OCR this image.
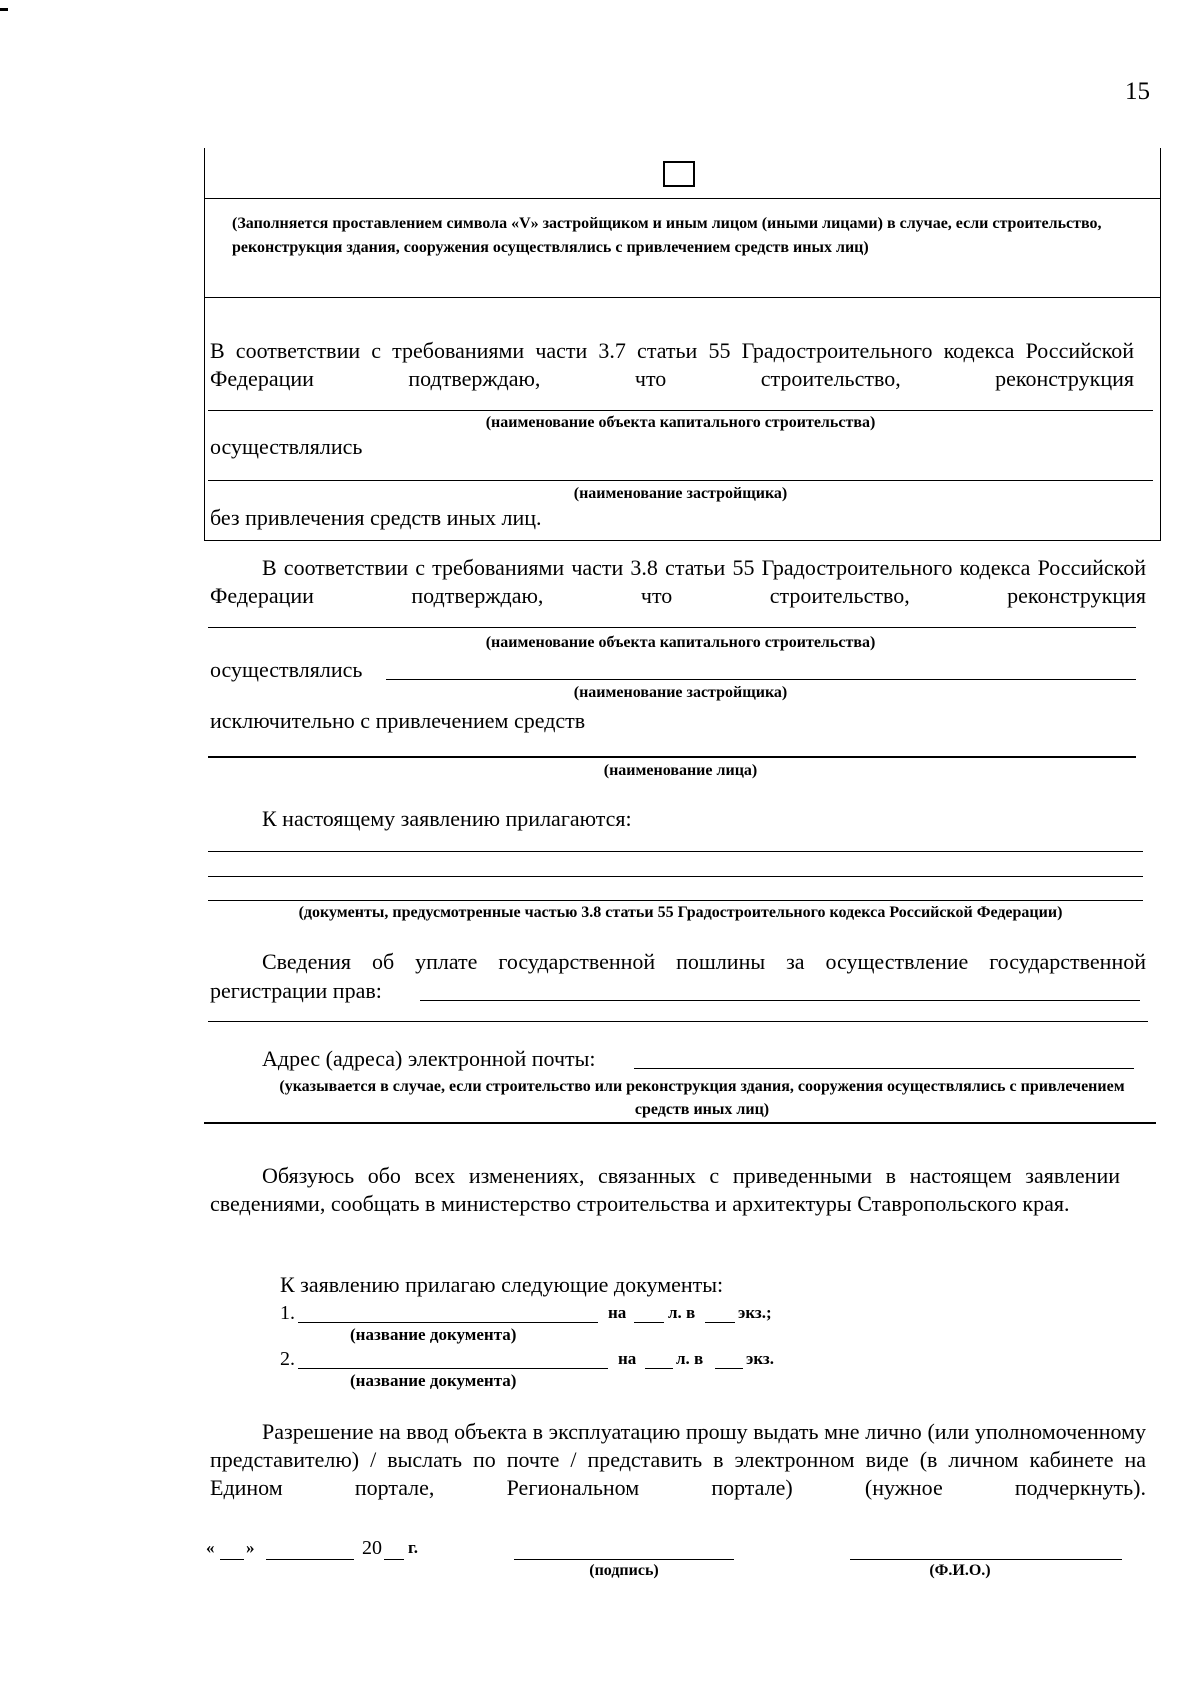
15
(Заполняется проставлением символа «V» застройщиком и иным лицом (иными лицами) в случае, если строительство, реконструкция здания, сооружения осуществлялись с привлечением средств иных лиц)
В соответствии с требованиями части 3.7 статьи 55 Градостроительного кодекса Российской Федерации подтверждаю, что строительство, реконструкция
(наименование объекта капитального строительства)
осуществлялись
(наименование застройщика)
без привлечения средств иных лиц.
В соответствии с требованиями части 3.8 статьи 55 Градостроительного кодекса Российской Федерации подтверждаю, что строительство, реконструкция
(наименование объекта капитального строительства)
осуществлялись
(наименование застройщика)
исключительно с привлечением средств
(наименование лица)
К настоящему заявлению прилагаются:
(документы, предусмотренные частью 3.8 статьи 55 Градостроительного кодекса Российской Федерации)
Сведения об уплате государственной пошлины за осуществление государственной
регистрации прав:
Адрес (адреса) электронной почты:
(указывается в случае, если строительство или реконструкция здания, сооружения осуществлялись с привлечением средств иных лиц)
Обязуюсь обо всех изменениях, связанных с приведенными в настоящем заявлении сведениями, сообщать в министерство строительства и архитектуры Ставропольского края.
К заявлению прилагаю следующие документы:
1.	на л. в	экз.;
(название документа)
2.	на л. в	экз.
(название документа)
Разрешение на ввод объекта в эксплуатацию прошу выдать мне лично (или уполномоченному представителю) / выслать по почте / представить в электронном виде (в личном кабинете на Едином портале, Региональном портале) (нужное подчеркнуть).
« »	20 г.
(подпись)	(Ф.И.О.)
